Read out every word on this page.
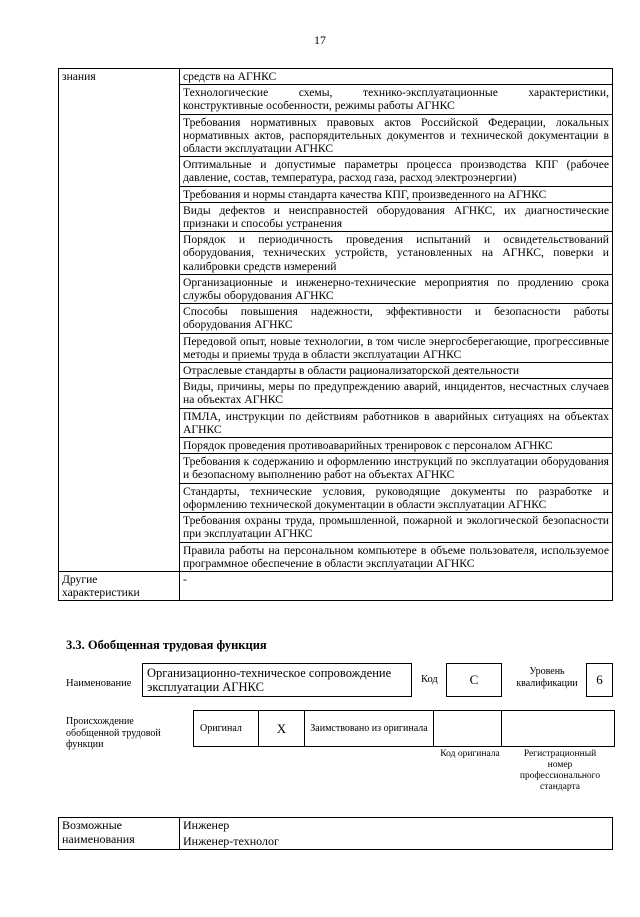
17
знания	средств на АГНКС
	Технологические схемы, технико-эксплуатационные характеристики, конструктивные особенности, режимы работы АГНКС
	Требования нормативных правовых актов Российской Федерации, локальных нормативных актов, распорядительных документов и технической документации в области эксплуатации АГНКС
	Оптимальные и допустимые параметры процесса производства КПГ (рабочее давление, состав, температура, расход газа, расход электроэнергии)
	Требования и нормы стандарта качества КПГ, произведенного на АГНКС
	Виды дефектов и неисправностей оборудования АГНКС, их диагностические признаки и способы устранения
	Порядок и периодичность проведения испытаний и освидетельствований оборудования, технических устройств, установленных на АГНКС, поверки и калибровки средств измерений
	Организационные и инженерно-технические мероприятия по продлению срока службы оборудования АГНКС
	Способы повышения надежности, эффективности и безопасности работы оборудования АГНКС
	Передовой опыт, новые технологии, в том числе энергосберегающие, прогрессивные методы и приемы труда в области эксплуатации АГНКС
	Отраслевые стандарты в области рационализаторской деятельности
	Виды, причины, меры по предупреждению аварий, инцидентов, несчастных случаев на объектах АГНКС
	ПМЛА, инструкции по действиям работников в аварийных ситуациях на объектах АГНКС
	Порядок проведения противоаварийных тренировок с персоналом АГНКС
	Требования к содержанию и оформлению инструкций по эксплуатации оборудования и безопасному выполнению работ на объектах АГНКС
	Стандарты, технические условия, руководящие документы по разработке и оформлению технической документации в области эксплуатации АГНКС
	Требования охраны труда, промышленной, пожарной и экологической безопасности при эксплуатации АГНКС
	Правила работы на персональном компьютере в объеме пользователя, используемое программное обеспечение в области эксплуатации АГНКС
Другие характеристики	-
3.3. Обобщенная трудовая функция
Наименование
Организационно-техническое сопровождение эксплуатации АГНКС
Код	С
Уровень квалификации	6
Происхождение обобщенной трудовой функции
Оригинал	X	Заимствовано из оригинала		
Код оригинала	Регистрационный номер профессионального стандарта
Возможные наименования	Инженер
Инженер-технолог
